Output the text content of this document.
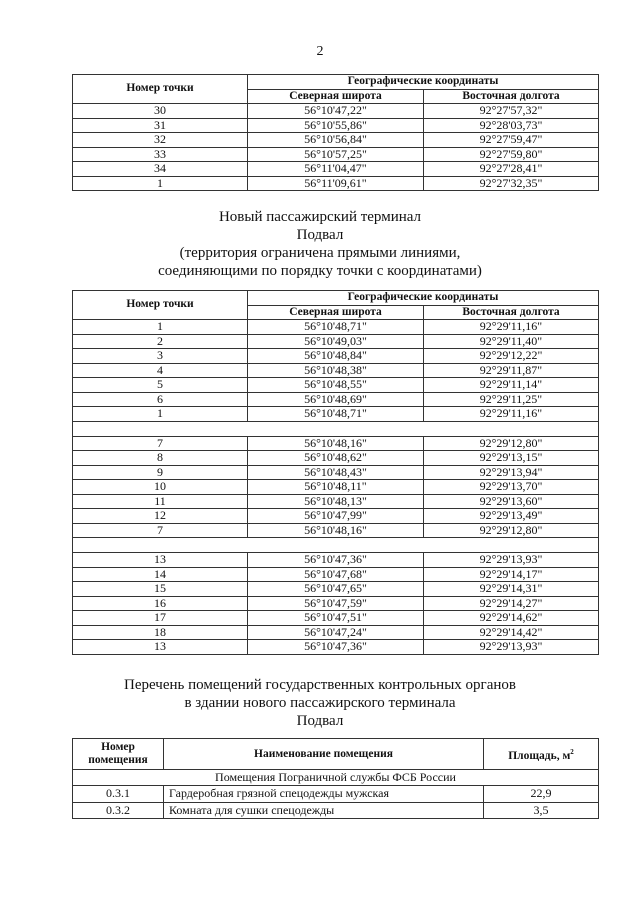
2
Номер точки	Географические координаты	
	Северная широта	Восточная долгота
30	56°10'47,22"	92°27'57,32"
31	56°10'55,86"	92°28'03,73"
32	56°10'56,84"	92°27'59,47"
33	56°10'57,25"	92°27'59,80"
34	56°11'04,47"	92°27'28,41"
1	56°11'09,61"	92°27'32,35"
Новый пассажирский терминал
Подвал
(территория ограничена прямыми линиями,
соединяющими по порядку точки с координатами)
Номер точки	Географические координаты	
	Северная широта	Восточная долгота
1	56°10'48,71"	92°29'11,16"
2	56°10'49,03"	92°29'11,40"
3	56°10'48,84"	92°29'12,22"
4	56°10'48,38"	92°29'11,87"
5	56°10'48,55"	92°29'11,14"
6	56°10'48,69"	92°29'11,25"
1	56°10'48,71"	92°29'11,16"

7	56°10'48,16"	92°29'12,80"
8	56°10'48,62"	92°29'13,15"
9	56°10'48,43"	92°29'13,94"
10	56°10'48,11"	92°29'13,70"
11	56°10'48,13"	92°29'13,60"
12	56°10'47,99"	92°29'13,49"
7	56°10'48,16"	92°29'12,80"

13	56°10'47,36"	92°29'13,93"
14	56°10'47,68"	92°29'14,17"
15	56°10'47,65"	92°29'14,31"
16	56°10'47,59"	92°29'14,27"
17	56°10'47,51"	92°29'14,62"
18	56°10'47,24"	92°29'14,42"
13	56°10'47,36"	92°29'13,93"
Перечень помещений государственных контрольных органов
в здании нового пассажирского терминала
Подвал
Номер
помещения	Наименование помещения	Площадь, $м^2$
Помещения Пограничной службы ФСБ России		
0.3.1	Гардеробная грязной спецодежды мужская	22,9
0.3.2	Комната для сушки спецодежды	3,5
